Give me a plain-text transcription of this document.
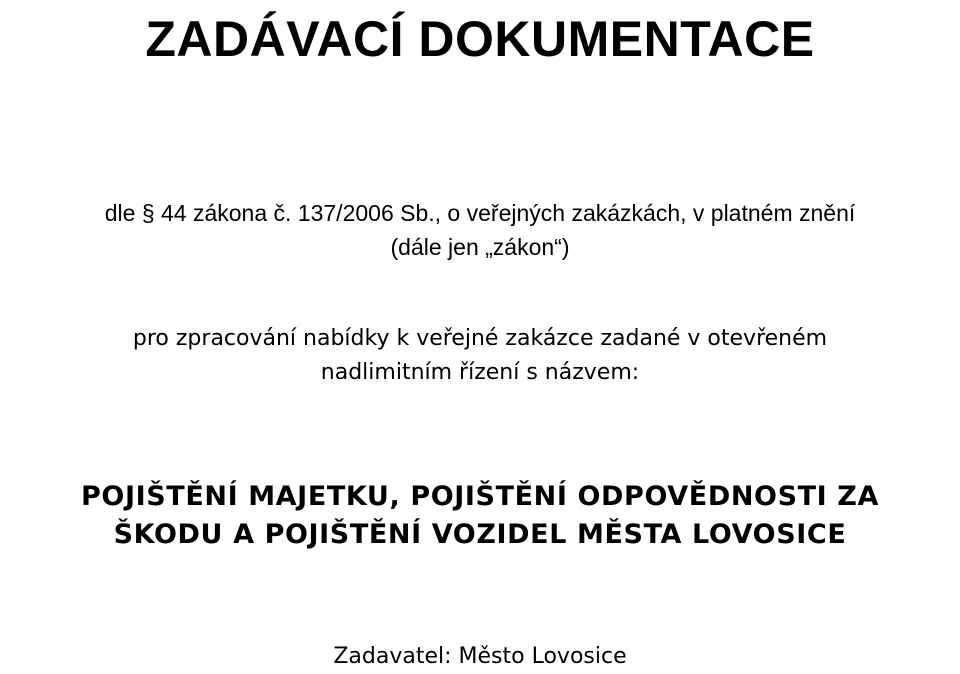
ZADÁVACÍ DOKUMENTACE
dle § 44 zákona č. 137/2006 Sb., o veřejných zakázkách, v platném znění
(dále jen „zákon“)
pro zpracování nabídky k veřejné zakázce zadané v otevřeném
nadlimitním řízení s názvem:
POJIŠTĚNÍ MAJETKU, POJIŠTĚNÍ ODPOVĚDNOSTI ZA
ŠKODU A POJIŠTĚNÍ VOZIDEL MĚSTA LOVOSICE
Zadavatel: Město Lovosice
